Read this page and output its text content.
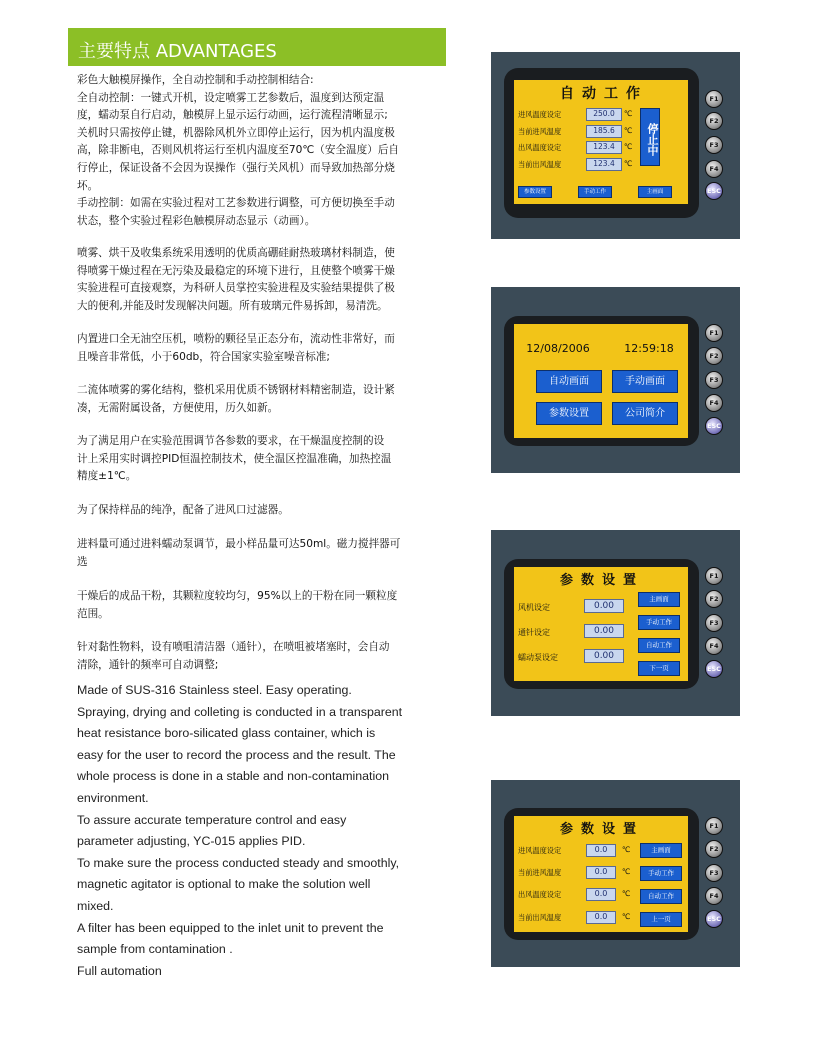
主要特点 ADVANTAGES

彩色大触模屏操作，全自动控制和手动控制相结合:

全自动控制：一键式开机，设定喷雾工艺参数后，温度到达预定温

度，蠕动泵自行启动，触模屏上显示运行动画，运行流程清晰显示;

关机时只需按停止键，机器除风机外立即停止运行，因为机内温度极

高，除非断电，否则风机将运行至机内温度至70℃（安全温度）后自

行停止，保证设备不会因为误操作（强行关风机）而导致加热部分烧

坏。

手动控制：如需在实验过程对工艺参数进行调整，可方便切换至手动

状态，整个实验过程彩色触模屏动态显示（动画）。

喷雾、烘干及收集系统采用透明的优质高硼硅耐热玻璃材料制造，使

得喷雾干燥过程在无污染及最稳定的环境下进行，且使整个喷雾干燥

实验进程可直接观察，为科研人员掌控实验进程及实验结果提供了极

大的便利,并能及时发现解决问题。所有玻璃元件易拆卸，易清洗。

内置进口全无油空压机，喷粉的颗径呈正态分布，流动性非常好，而

且噪音非常低，小于60db，符合国家实验室噪音标准;

二流体喷雾的雾化结构，整机采用优质不锈钢材料精密制造，设计紧

凑，无需附属设备，方便使用，历久如新。

为了满足用户在实验范围调节各参数的要求，在干燥温度控制的设

计上采用实时调控PID恒温控制技术，使全温区控温准确，加热控温

精度±1℃。

为了保持样品的纯净，配备了进风口过滤器。

进料量可通过进料蠕动泵调节，最小样品量可达50ml。磁力搅拌器可

选

干燥后的成品干粉，其颗粒度较均匀，95%以上的干粉在同一颗粒度

范围。

针对黏性物料，设有喷咀清洁器（通针），在喷咀被堵塞时，会自动

清除，通针的频率可自动调整;

Made of SUS-316 Stainless steel. Easy operating.

Spraying, drying and colleting is conducted in a transparent

heat resistance boro-silicated glass container, which is

easy for the user to record the process and the result. The

whole process is done in a stable and non-contamination

environment.

To assure accurate temperature control and easy

parameter adjusting, YC-015 applies PID.

To make sure the process conducted steady and smoothly,

magnetic agitator is optional to make the solution well

mixed.

A filter has been equipped to the inlet unit to prevent the

sample from contamination .

Full automation

自动工作
进风温度设定	250.0	℃
当前进风温度	185.6	℃
出风温度设定	123.4	℃
当前出风温度	123.4	℃
停止中
参数设置	手动工作	主画面
F1
F2
F3
F4
ESC
12/08/2006	12:59:18
自动画面	手动画面
参数设置	公司简介
F1
F2
F3
F4
ESC
参数设置
风机设定	0.00
通针设定	0.00
蠕动泵设定	0.00
主画面
手动工作
自动工作
下一页
F1
F2
F3
F4
ESC
参数设置
进风温度设定	0.0	℃
当前进风温度	0.0	℃
出风温度设定	0.0	℃
当前出风温度	0.0	℃
主画面
手动工作
自动工作
上一页
F1
F2
F3
F4
ESC
